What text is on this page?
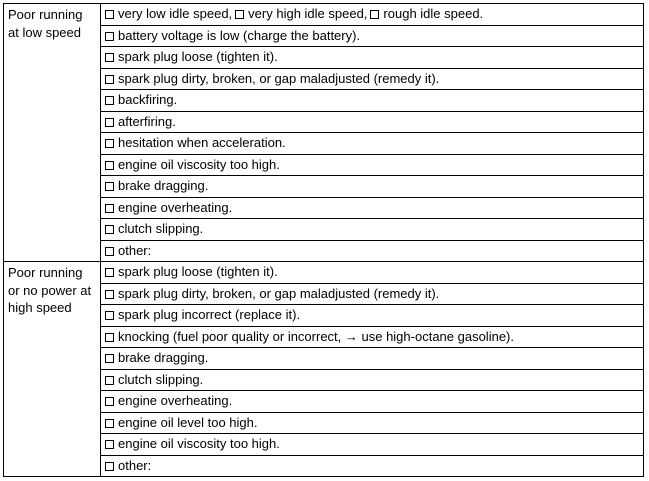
Poor running at low speed	very low idle speed, very high idle speed, rough idle speed.
	battery voltage is low (charge the battery).
	spark plug loose (tighten it).
	spark plug dirty, broken, or gap maladjusted (remedy it).
	backfiring.
	afterfiring.
	hesitation when acceleration.
	engine oil viscosity too high.
	brake dragging.
	engine overheating.
	clutch slipping.
	other:
Poor running or no power at high speed	spark plug loose (tighten it).
	spark plug dirty, broken, or gap maladjusted (remedy it).
	spark plug incorrect (replace it).
	knocking (fuel poor quality or incorrect, → use high-octane gasoline).
	brake dragging.
	clutch slipping.
	engine overheating.
	engine oil level too high.
	engine oil viscosity too high.
	other:
